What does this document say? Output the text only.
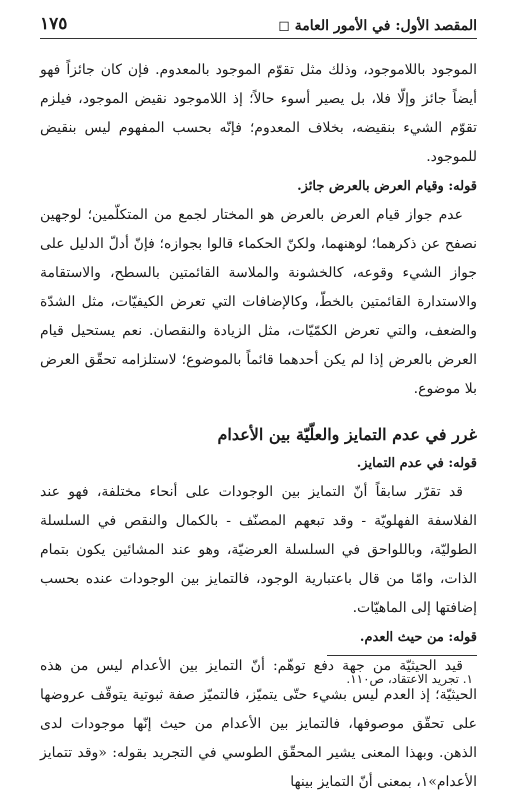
المقصد الأول: في الأمور العامة ◻
١٧٥

الموجود باللاموجود، وذلك مثل تقوّم الموجود بالمعدوم. فإن كان جائزاً فهو أيضاً جائز وإلّا فلا، بل يصير أسوء حالاً؛ إذ اللاموجود نقيض الموجود، فيلزم تقوّم الشيء بنقيضه، بخلاف المعدوم؛ فإنّه بحسب المفهوم ليس بنقيض للموجود.

قوله: وقيام العرض بالعرض جائز.

عدم جواز قيام العرض بالعرض هو المختار لجمع من المتكلّمين؛ لوجهين نصفح عن ذكرهما؛ لوهنهما، ولكنّ الحكماء قالوا بجوازه؛ فإنّ أدلّ الدليل على جواز الشيء وقوعه، كالخشونة والملاسة القائمتين بالسطح، والاستقامة والاستدارة القائمتين بالخطّ، وكالإضافات التي تعرض الكيفيّات، مثل الشدّة والضعف، والتي تعرض الكمّيّات، مثل الزيادة والنقصان. نعم يستحيل قيام العرض بالعرض إذا لم يكن أحدهما قائماً بالموضوع؛ لاستلزامه تحقّق العرض بلا موضوع.

غرر في عدم التمايز والعلّيّة بين الأعدام

قوله: في عدم التمايز.

قد تقرّر سابقاً أنّ التمايز بين الوجودات على أنحاء مختلفة، فهو عند الفلاسفة الفهلويّة - وقد تبعهم المصنّف - بالكمال والنقص في السلسلة الطوليّة، وباللواحق في السلسلة العرضيّة، وهو عند المشائين يكون بتمام الذات، وامّا من قال باعتبارية الوجود، فالتمايز بين الوجودات عنده بحسب إضافتها إلى الماهيّات.

قوله: من حيث العدم.

قيد الحيثيّة من جهة دفع توهّم: أنّ التمايز بين الأعدام ليس من هذه الحيثيّة؛ إذ العدم ليس بشيء حتّى يتميّز، فالتميّز صفة ثبوتية يتوقّف عروضها على تحقّق موصوفها، فالتمايز بين الأعدام من حيث إنّها موجودات لدى الذهن. وبهذا المعنى يشير المحقّق الطوسي في التجريد بقوله: «وقد تتمايز الأعدام»١، بمعنى أنّ التمايز بينها

١. تجريد الاعتقاد، ص١١٠.
